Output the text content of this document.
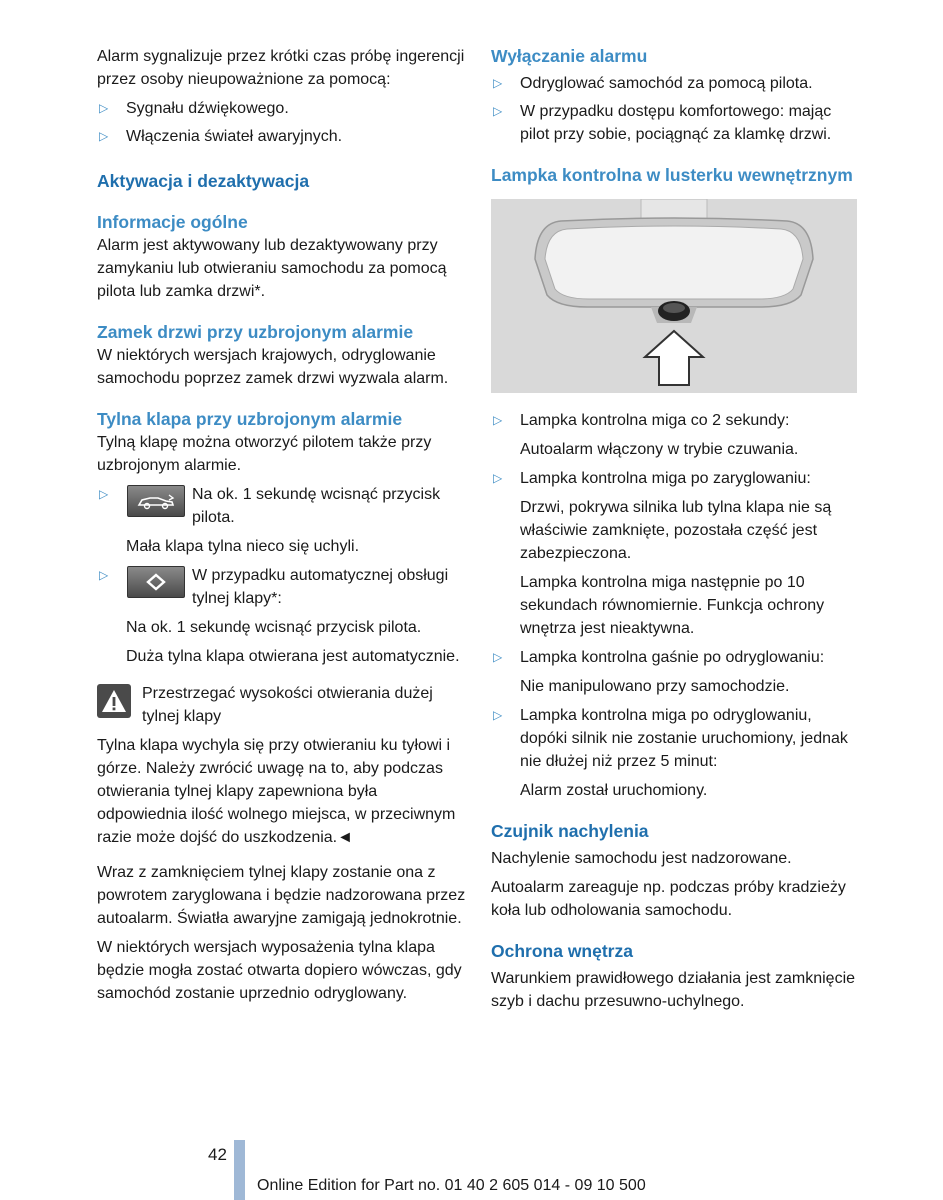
Alarm sygnalizuje przez krótki czas próbę ingerencji przez osoby nieupoważnione za pomocą:

▷ Sygnału dźwiękowego.
▷ Włączenia świateł awaryjnych.
Aktywacja i dezaktywacja
Informacje ogólne

Alarm jest aktywowany lub dezaktywowany przy zamykaniu lub otwieraniu samochodu za pomocą pilota lub zamka drzwi*.

Zamek drzwi przy uzbrojonym alarmie

W niektórych wersjach krajowych, odryglowanie samochodu poprzez zamek drzwi wyzwala alarm.

Tylna klapa przy uzbrojonym alarmie

Tylną klapę można otworzyć pilotem także przy uzbrojonym alarmie.

▷	Na ok. 1 sekundę wcisnąć przycisk pilota.
Mała klapa tylna nieco się uchyli.
▷	W przypadku automatycznej obsługi tylnej klapy*:
Na ok. 1 sekundę wcisnąć przycisk pilota.
Duża tylna klapa otwierana jest automatycznie.
Przestrzegać wysokości otwierania dużej tylnej klapy

Tylna klapa wychyla się przy otwieraniu ku tyłowi i górze. Należy zwrócić uwagę na to, aby podczas otwierania tylnej klapy zapewniona była odpowiednia ilość wolnego miejsca, w przeciwnym razie może dojść do uszkodzenia.◄

Wraz z zamknięciem tylnej klapy zostanie ona z powrotem zaryglowana i będzie nadzorowana przez autoalarm. Światła awaryjne zamigają jednokrotnie.

W niektórych wersjach wyposażenia tylna klapa będzie mogła zostać otwarta dopiero wówczas, gdy samochód zostanie uprzednio odryglowany.

Wyłączanie alarmu
▷ Odryglować samochód za pomocą pilota.
▷ W przypadku dostępu komfortowego: mając pilot przy sobie, pociągnąć za klamkę drzwi.
Lampka kontrolna w lusterku wewnętrznym
▷ Lampka kontrolna miga co 2 sekundy:
Autoalarm włączony w trybie czuwania.
▷ Lampka kontrolna miga po zaryglowaniu:
Drzwi, pokrywa silnika lub tylna klapa nie są właściwie zamknięte, pozostała część jest zabezpieczona.
Lampka kontrolna miga następnie po 10 sekundach równomiernie. Funkcja ochrony wnętrza jest nieaktywna.
▷ Lampka kontrolna gaśnie po odryglowaniu:
Nie manipulowano przy samochodzie.
▷ Lampka kontrolna miga po odryglowaniu, dopóki silnik nie zostanie uruchomiony, jednak nie dłużej niż przez 5 minut:
Alarm został uruchomiony.
Czujnik nachylenia

Nachylenie samochodu jest nadzorowane.

Autoalarm zareaguje np. podczas próby kradzieży koła lub odholowania samochodu.

Ochrona wnętrza

Warunkiem prawidłowego działania jest zamknięcie szyb i dachu przesuwno-uchylnego.

42
Online Edition for Part no. 01 40 2 605 014 - 09 10 500
